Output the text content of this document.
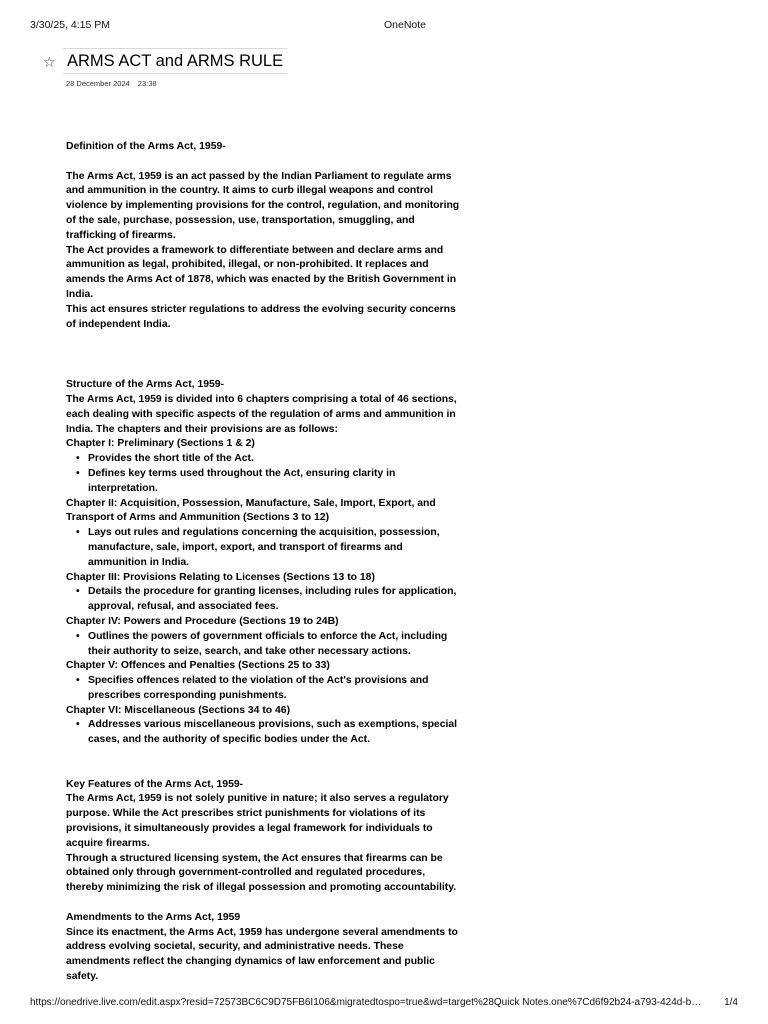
3/30/25, 4:15 PM	OneNote
☆ ARMS ACT and ARMS RULE
28 December 2024 23:38

Definition of the Arms Act, 1959-

The Arms Act, 1959 is an act passed by the Indian Parliament to regulate arms and ammunition in the country. It aims to curb illegal weapons and control violence by implementing provisions for the control, regulation, and monitoring of the sale, purchase, possession, use, transportation, smuggling, and trafficking of firearms.

The Act provides a framework to differentiate between and declare arms and ammunition as legal, prohibited, illegal, or non-prohibited. It replaces and amends the Arms Act of 1878, which was enacted by the British Government in India.

This act ensures stricter regulations to address the evolving security concerns of independent India.

Structure of the Arms Act, 1959-

The Arms Act, 1959 is divided into 6 chapters comprising a total of 46 sections, each dealing with specific aspects of the regulation of arms and ammunition in India. The chapters and their provisions are as follows:

Chapter I: Preliminary (Sections 1 & 2)

• Provides the short title of the Act.
• Defines key terms used throughout the Act, ensuring clarity in interpretation.

Chapter II: Acquisition, Possession, Manufacture, Sale, Import, Export, and Transport of Arms and Ammunition (Sections 3 to 12)

• Lays out rules and regulations concerning the acquisition, possession, manufacture, sale, import, export, and transport of firearms and ammunition in India.

Chapter III: Provisions Relating to Licenses (Sections 13 to 18)

• Details the procedure for granting licenses, including rules for application, approval, refusal, and associated fees.

Chapter IV: Powers and Procedure (Sections 19 to 24B)

• Outlines the powers of government officials to enforce the Act, including their authority to seize, search, and take other necessary actions.

Chapter V: Offences and Penalties (Sections 25 to 33)

• Specifies offences related to the violation of the Act's provisions and prescribes corresponding punishments.

Chapter VI: Miscellaneous (Sections 34 to 46)

• Addresses various miscellaneous provisions, such as exemptions, special cases, and the authority of specific bodies under the Act.

Key Features of the Arms Act, 1959-

The Arms Act, 1959 is not solely punitive in nature; it also serves a regulatory purpose. While the Act prescribes strict punishments for violations of its provisions, it simultaneously provides a legal framework for individuals to acquire firearms.

Through a structured licensing system, the Act ensures that firearms can be obtained only through government-controlled and regulated procedures, thereby minimizing the risk of illegal possession and promoting accountability.

Amendments to the Arms Act, 1959

Since its enactment, the Arms Act, 1959 has undergone several amendments to address evolving societal, security, and administrative needs. These amendments reflect the changing dynamics of law enforcement and public safety.

https://onedrive.live.com/edit.aspx?resid=72573BC6C9D75FB6I106&migratedtospo=true&wd=target%28Quick Notes.one%7Cd6f92b24-a793-424d-b…	1/4
